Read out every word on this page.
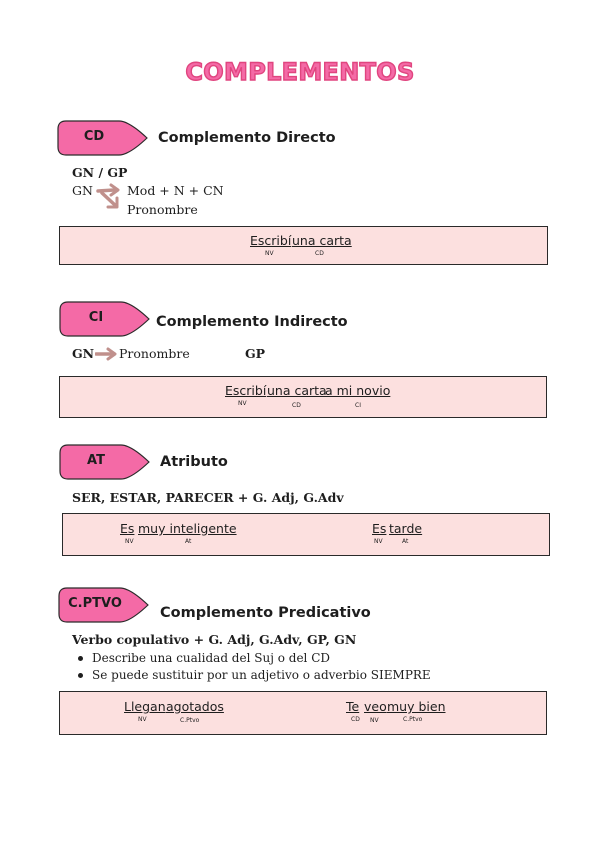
COMPLEMENTOS
CD	Complemento Directo
GN / GP
GN	Mod + N + CN
Pronombre
Escribí
NV
una carta
CD
CI	Complemento Indirecto
GN Pronombre	GP
Escribí
NV
una carta
CD
a mi novio
CI
AT	Atributo
SER, ESTAR, PARECER + G. Adj, G.Adv
Es
NV
muy inteligente
At
Es
NV
tarde
At
C.PTVO
Complemento Predicativo
Verbo copulativo + G. Adj, G.Adv, GP, GN
Describe una cualidad del Suj o del CD
Se puede sustituir por un adjetivo o adverbio SIEMPRE
Llegan
NV
agotados
C.Ptvo
Te
CD
veo
NV
muy bien
C.Ptvo
